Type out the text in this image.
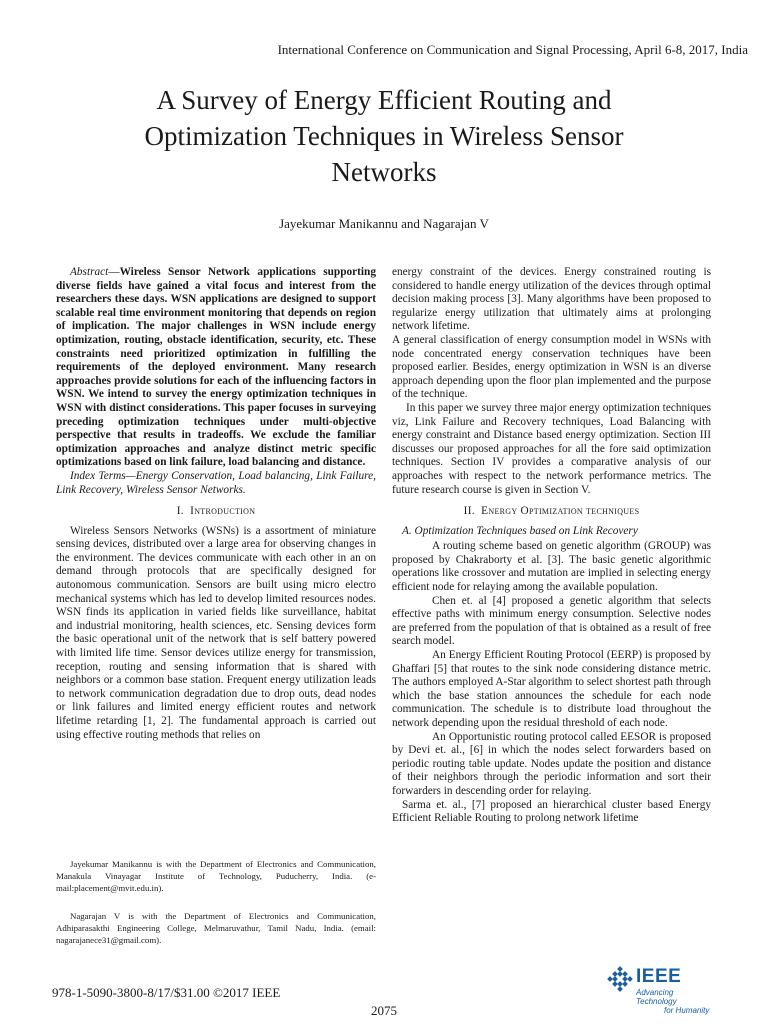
International Conference on Communication and Signal Processing, April 6-8, 2017, India
A Survey of Energy Efficient Routing and
Optimization Techniques in Wireless Sensor
Networks
Jayekumar Manikannu and Nagarajan V

Abstract—Wireless Sensor Network applications supporting diverse fields have gained a vital focus and interest from the researchers these days. WSN applications are designed to support scalable real time environment monitoring that depends on region of implication. The major challenges in WSN include energy optimization, routing, obstacle identification, security, etc. These constraints need prioritized optimization in fulfilling the requirements of the deployed environment. Many research approaches provide solutions for each of the influencing factors in WSN. We intend to survey the energy optimization techniques in WSN with distinct considerations. This paper focuses in surveying preceding optimization techniques under multi-objective perspective that results in tradeoffs. We exclude the familiar optimization approaches and analyze distinct metric specific optimizations based on link failure, load balancing and distance.

Index Terms—Energy Conservation, Load balancing, Link Failure, Link Recovery, Wireless Sensor Networks.

I. Introduction

Wireless Sensors Networks (WSNs) is a assortment of miniature sensing devices, distributed over a large area for observing changes in the environment. The devices communicate with each other in an on demand through protocols that are specifically designed for autonomous communication. Sensors are built using micro electro mechanical systems which has led to develop limited resources nodes. WSN finds its application in varied fields like surveillance, habitat and industrial monitoring, health sciences, etc. Sensing devices form the basic operational unit of the network that is self battery powered with limited life time. Sensor devices utilize energy for transmission, reception, routing and sensing information that is shared with neighbors or a common base station. Frequent energy utilization leads to network communication degradation due to drop outs, dead nodes or link failures and limited energy efficient routes and network lifetime retarding [1, 2]. The fundamental approach is carried out using effective routing methods that relies on

Jayekumar Manikannu is with the Department of Electronics and Communication, Manakula Vinayagar Institute of Technology, Puducherry, India. (e-mail:placement@mvit.edu.in).

Nagarajan V is with the Department of Electronics and Communication, Adhiparasakthi Engineering College, Melmaruvathur, Tamil Nadu, India. (email: nagarajanece31@gmail.com).

energy constraint of the devices. Energy constrained routing is considered to handle energy utilization of the devices through optimal decision making process [3]. Many algorithms have been proposed to regularize energy utilization that ultimately aims at prolonging network lifetime.

A general classification of energy consumption model in WSNs with node concentrated energy conservation techniques have been proposed earlier. Besides, energy optimization in WSN is an diverse approach depending upon the floor plan implemented and the purpose of the technique.

In this paper we survey three major energy optimization techniques viz, Link Failure and Recovery techniques, Load Balancing with energy constraint and Distance based energy optimization. Section III discusses our proposed approaches for all the fore said optimization techniques. Section IV provides a comparative analysis of our approaches with respect to the network performance metrics. The future research course is given in Section V.

II. Energy Optimization techniques
A. Optimization Techniques based on Link Recovery

A routing scheme based on genetic algorithm (GROUP) was proposed by Chakraborty et al. [3]. The basic genetic algorithmic operations like crossover and mutation are implied in selecting energy efficient node for relaying among the available population.

Chen et. al [4] proposed a genetic algorithm that selects effective paths with minimum energy consumption. Selective nodes are preferred from the population of that is obtained as a result of free search model.

An Energy Efficient Routing Protocol (EERP) is proposed by Ghaffari [5] that routes to the sink node considering distance metric. The authors employed A-Star algorithm to select shortest path through which the base station announces the schedule for each node communication. The schedule is to distribute load throughout the network depending upon the residual threshold of each node.

An Opportunistic routing protocol called EESOR is proposed by Devi et. al., [6] in which the nodes select forwarders based on periodic routing table update. Nodes update the position and distance of their neighbors through the periodic information and sort their forwarders in descending order for relaying.

Sarma et. al., [7] proposed an hierarchical cluster based Energy Efficient Reliable Routing to prolong network lifetime

978-1-5090-3800-8/17/$31.00 ©2017 IEEE
2075
IEEE
Advancing Technology
for Humanity
